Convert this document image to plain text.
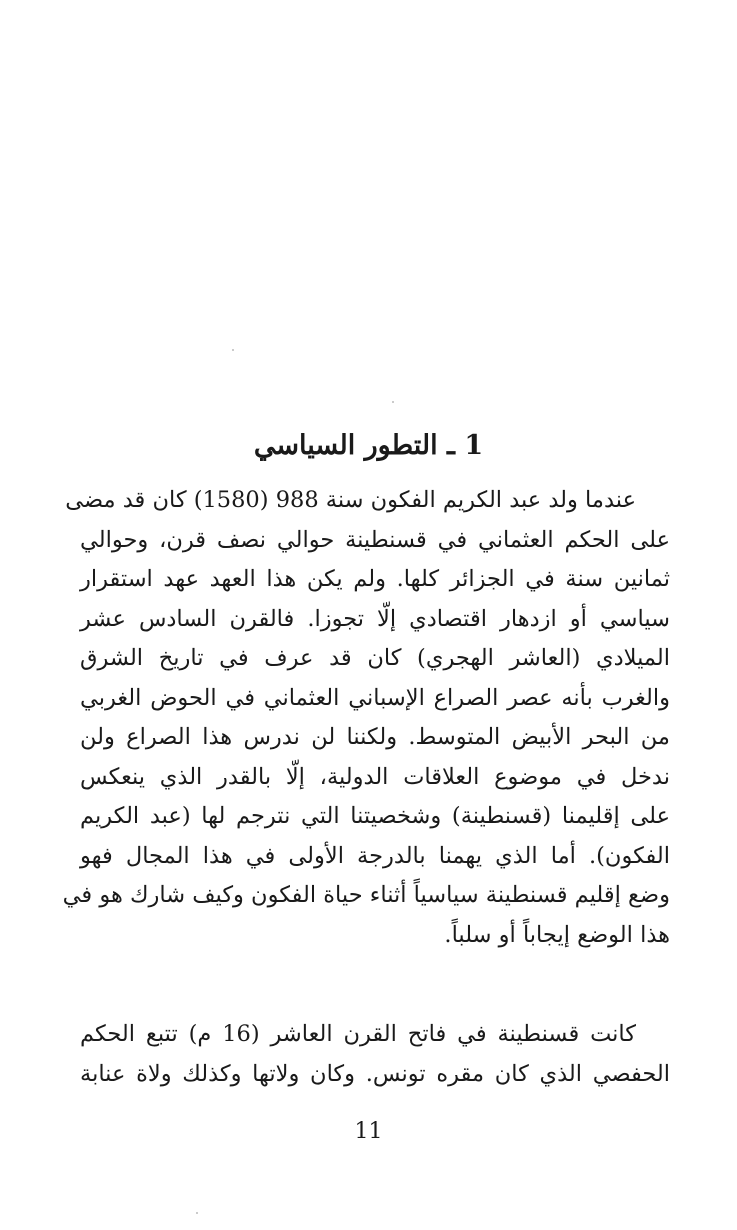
1 ـ التطور السياسي
عندما ولد عبد الكريم الفكون سنة 988 (1580) كان قد مضى
على الحكم العثماني في قسنطينة حوالي نصف قرن، وحوالي
ثمانين سنة في الجزائر كلها. ولم يكن هذا العهد عهد استقرار
سياسي أو ازدهار اقتصادي إلّا تجوزا. فالقرن السادس عشر
الميلادي (العاشر الهجري) كان قد عرف في تاريخ الشرق
والغرب بأنه عصر الصراع الإسباني العثماني في الحوض الغربي
من البحر الأبيض المتوسط. ولكننا لن ندرس هذا الصراع ولن
ندخل في موضوع العلاقات الدولية، إلّا بالقدر الذي ينعكس
على إقليمنا (قسنطينة) وشخصيتنا التي نترجم لها (عبد الكريم
الفكون). أما الذي يهمنا بالدرجة الأولى في هذا المجال فهو
وضع إقليم قسنطينة سياسياً أثناء حياة الفكون وكيف شارك هو في
هذا الوضع إيجاباً أو سلباً.
كانت قسنطينة في فاتح القرن العاشر (16 م) تتبع الحكم
الحفصي الذي كان مقره تونس. وكان ولاتها وكذلك ولاة عنابة
11
